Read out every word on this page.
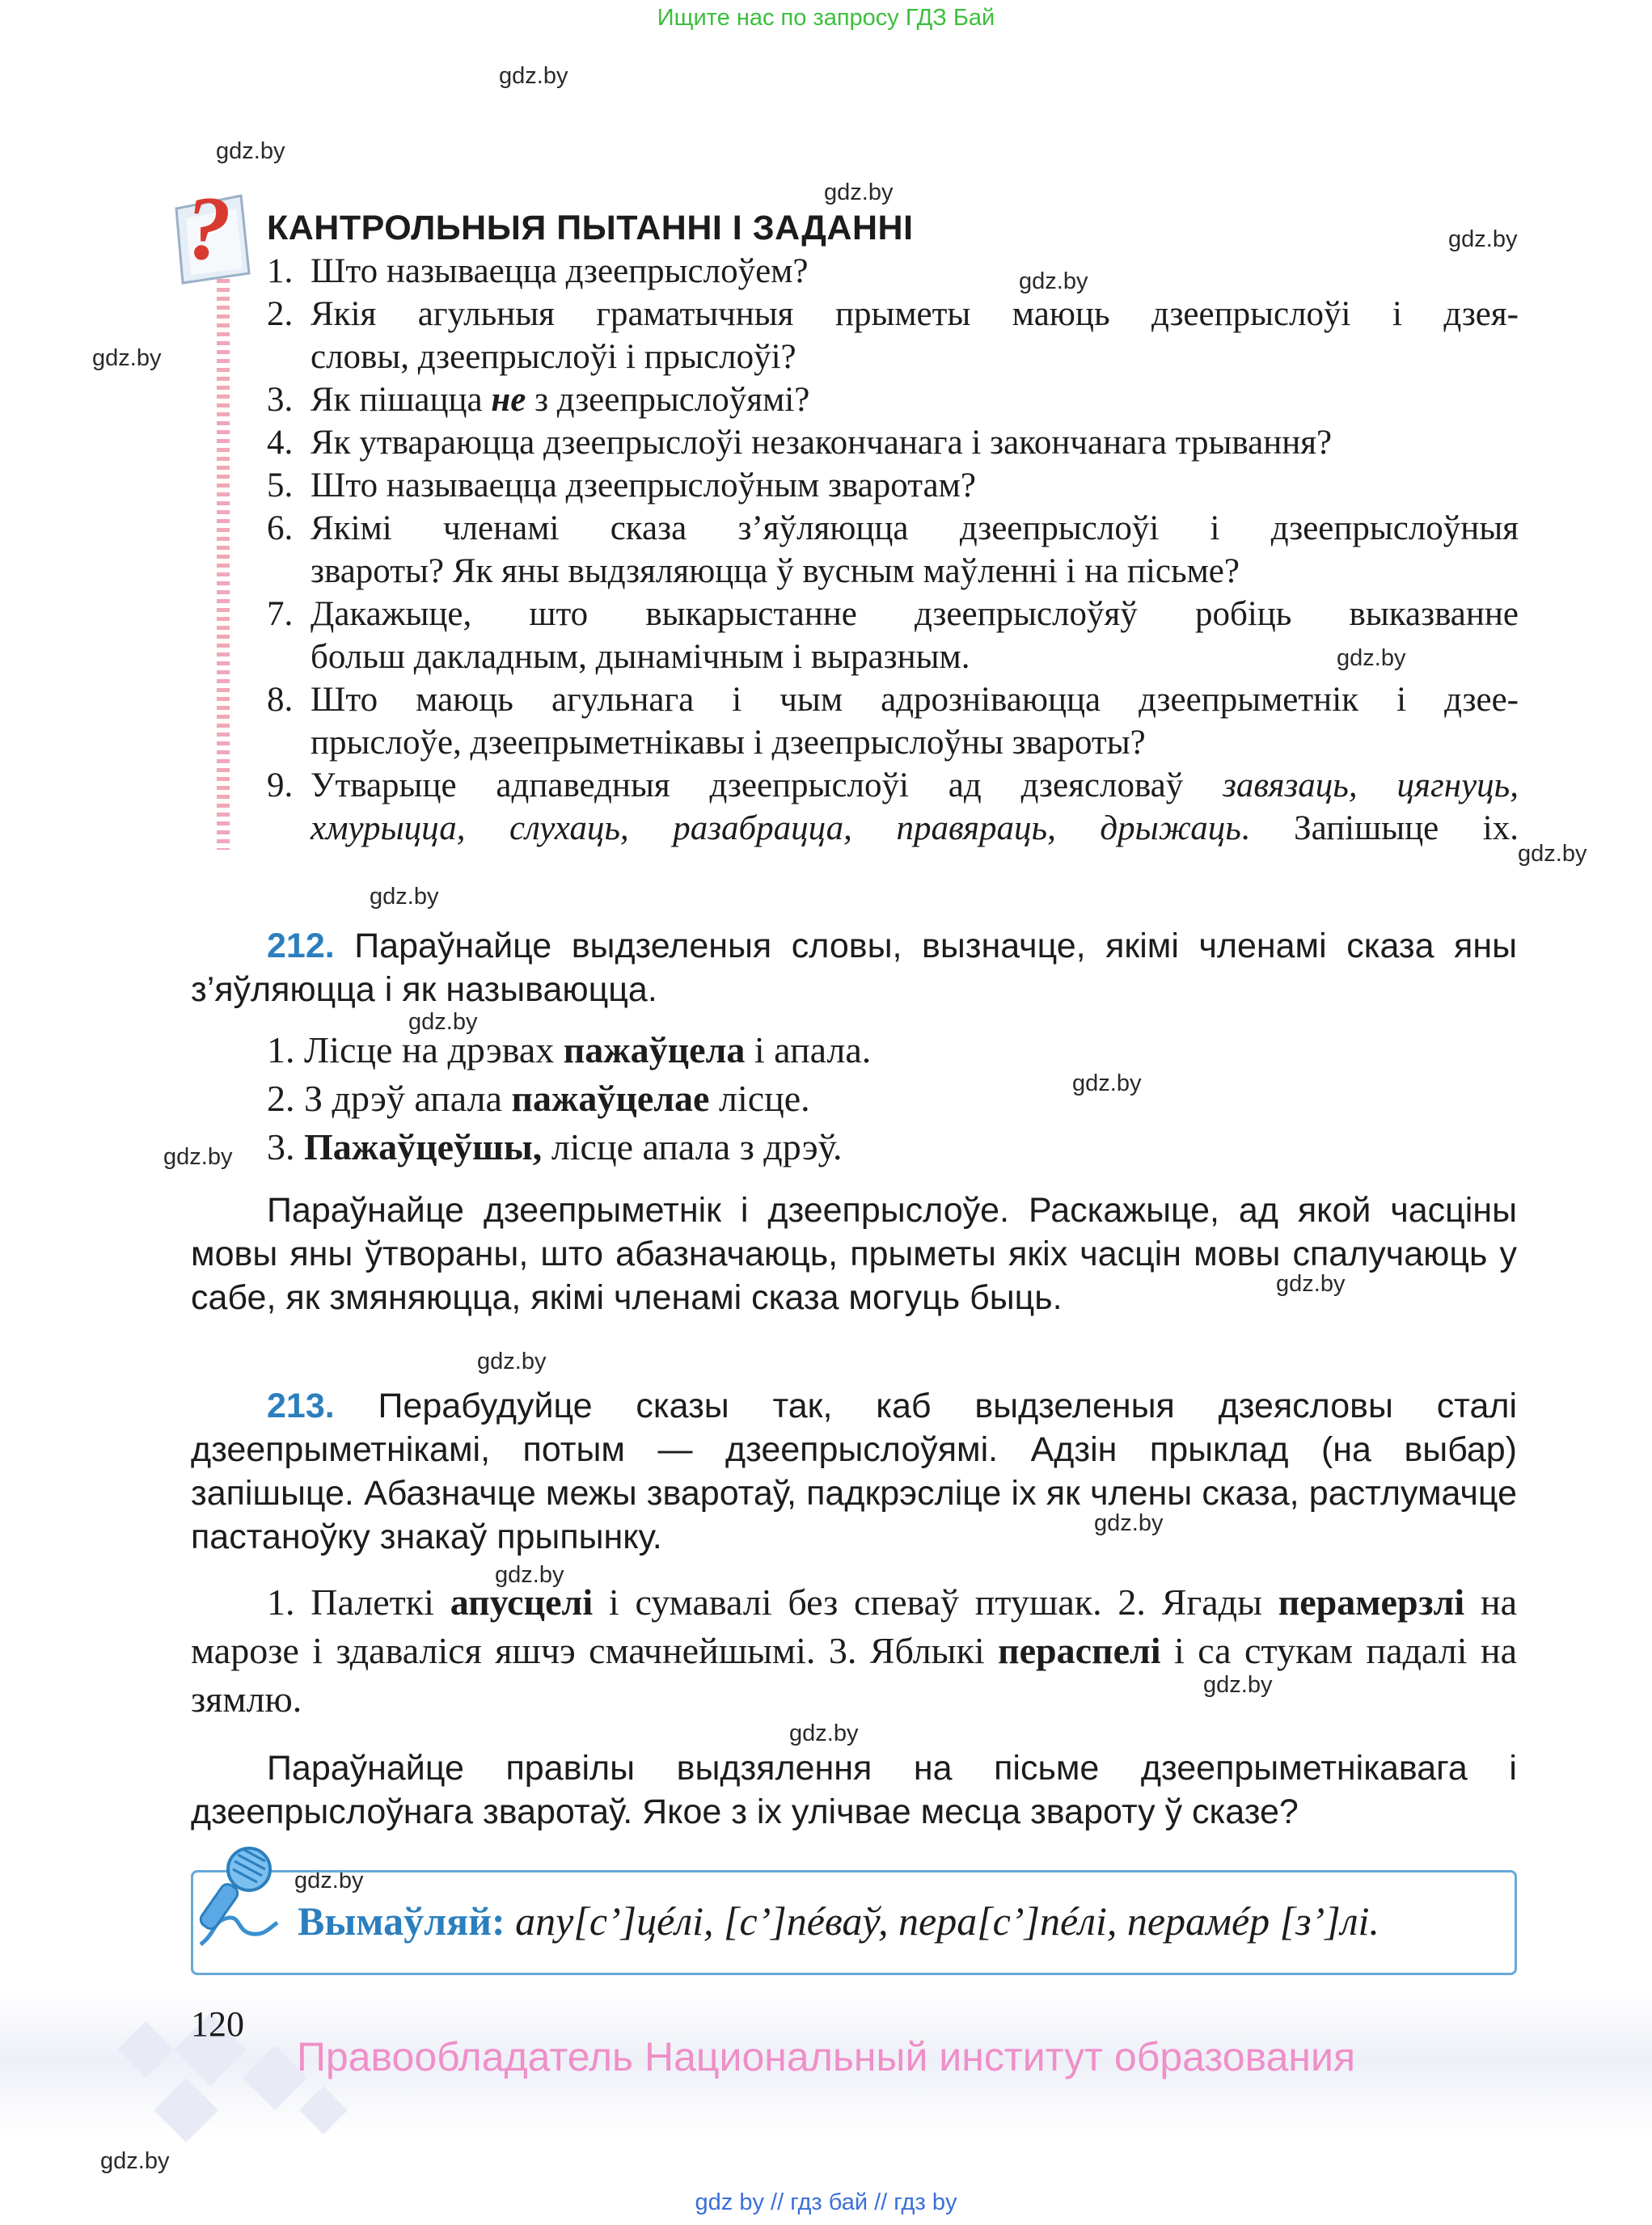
Ищите нас по запросу ГДЗ Бай
gdz.by
gdz.by
gdz.by
gdz.by
gdz.by
gdz.by
gdz.by
gdz.by
gdz.by
gdz.by
gdz.by
gdz.by
gdz.by
gdz.by
gdz.by
gdz.by
gdz.by
gdz.by
gdz.by
gdz.by
? КАНТРОЛЬНЫЯ ПЫТАННІ І ЗАДАННІ
1. Што называецца дзеепрыслоўем?
2. Якія агульныя граматычныя прыметы маюць дзеепрыслоўі і дзея-
словы, дзеепрыслоўі і прыслоўі?
3. Як пішацца не з дзеепрыслоўямі?
4. Як утвараюцца дзеепрыслоўі незакончанага і закончанага трывання?
5. Што называецца дзеепрыслоўным зваротам?
6. Якімі членамі сказа з’яўляюцца дзеепрыслоўі і дзеепрыслоўныя
звароты? Як яны выдзяляюцца ў вусным маўленні і на пісьме?
7. Дакажыце, што выкарыстанне дзеепрыслоўяў робіць выказванне
больш дакладным, дынамічным і выразным.
8. Што маюць агульнага і чым адрозніваюцца дзеепрыметнік і дзее-
прыслоўе, дзеепрыметнікавы і дзеепрыслоўны звароты?
9. Утварыце адпаведныя дзеепрыслоўі ад дзеясловаў завязаць, цягнуць,
хмурыцца, слухаць, разабрацца, правяраць, дрыжаць. Запішыце іх.
212. Параўнайце выдзеленыя словы, вызначце, якімі членамі сказа яны з’яўляюцца і як называюцца.
1. Лісце на дрэвах пажаўцела і апала.
2. З дрэў апала пажаўцелае лісце.
3. Пажаўцеўшы, лісце апала з дрэў.
Параўнайце дзеепрыметнік і дзеепрыслоўе. Раскажыце, ад якой часціны мовы яны ўтвораны, што абазначаюць, прыметы якіх часцін мовы спалучаюць у сабе, як змяняюцца, якімі членамі сказа могуць быць.
213. Перабудуйце сказы так, каб выдзеленыя дзеясловы сталі дзеепрыметнікамі, потым — дзеепрыслоўямі. Адзін прыклад (на выбар) запішыце. Абазначце межы зваротаў, падкрэсліце іх як члены сказа, растлумачце пастаноўку знакаў прыпынку.
1. Палеткі апусцелі і сумавалі без спеваў птушак. 2. Ягады перамерзлі на марозе і здаваліся яшчэ смачнейшымі. 3. Яблыкі пераспелі і са стукам падалі на зямлю.
Параўнайце правілы выдзялення на пісьме дзеепрыметнікавага і дзеепрыслоўнага зваротаў. Якое з іх улічвае месца звароту ў сказе?
Вымаўляй: апу[с’]цéлі, [с’]пéваў, пера[с’]пéлі, перамéр [з’]лі.
120
Правообладатель Национальный институт образования
gdz by // гдз бай // гдз by
